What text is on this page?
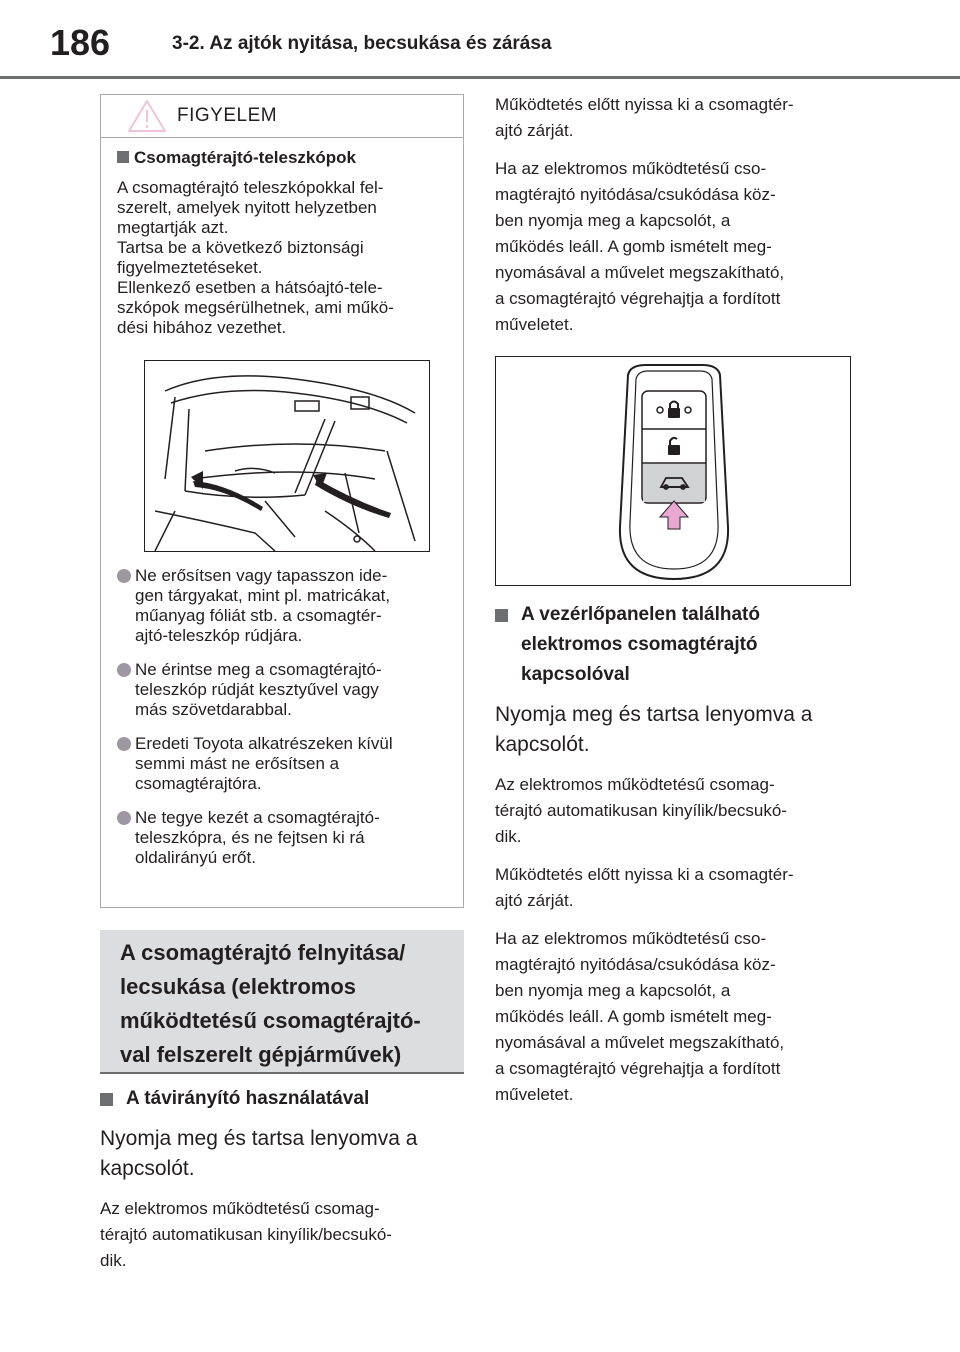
186	3-2. Az ajtók nyitása, becsukása és zárása
FIGYELEM
Csomagtérajtó-teleszkópok

A csomagtérajtó teleszkópokkal fel-
szerelt, amelyek nyitott helyzetben
megtartják azt.
Tartsa be a következő biztonsági
figyelmeztetéseket.
Ellenkező esetben a hátsóajtó-tele-
szkópok megsérülhetnek, ami műkö-
dési hibához vezethet.

Ne erősítsen vagy tapasszon ide-
gen tárgyakat, mint pl. matricákat,
műanyag fóliát stb. a csomagtér-
ajtó-teleszkóp rúdjára.
Ne érintse meg a csomagtérajtó-
teleszkóp rúdját kesztyűvel vagy
más szövetdarabbal.
Eredeti Toyota alkatrészeken kívül
semmi mást ne erősítsen a
csomagtérajtóra.
Ne tegye kezét a csomagtérajtó-
teleszkópra, és ne fejtsen ki rá
oldalirányú erőt.
A csomagtérajtó felnyitása/
lecsukása (elektromos
működtetésű csomagtérajtó-
val felszerelt gépjárművek)
A távirányító használatával

Nyomja meg és tartsa lenyomva a kapcsolót.

Az elektromos működtetésű csomag-
térajtó automatikusan kinyílik/becsukó-
dik.

Működtetés előtt nyissa ki a csomagtér-
ajtó zárját.

Ha az elektromos működtetésű cso-
magtérajtó nyitódása/csukódása köz-
ben nyomja meg a kapcsolót, a
működés leáll. A gomb ismételt meg-
nyomásával a művelet megszakítható,
a csomagtérajtó végrehajtja a fordított
műveletet.

A vezérlőpanelen található
elektromos csomagtérajtó
kapcsolóval

Nyomja meg és tartsa lenyomva a
kapcsolót.

Az elektromos működtetésű csomag-
térajtó automatikusan kinyílik/becsukó-
dik.

Működtetés előtt nyissa ki a csomagtér-
ajtó zárját.

Ha az elektromos működtetésű cso-
magtérajtó nyitódása/csukódása köz-
ben nyomja meg a kapcsolót, a
működés leáll. A gomb ismételt meg-
nyomásával a művelet megszakítható,
a csomagtérajtó végrehajtja a fordított
műveletet.
